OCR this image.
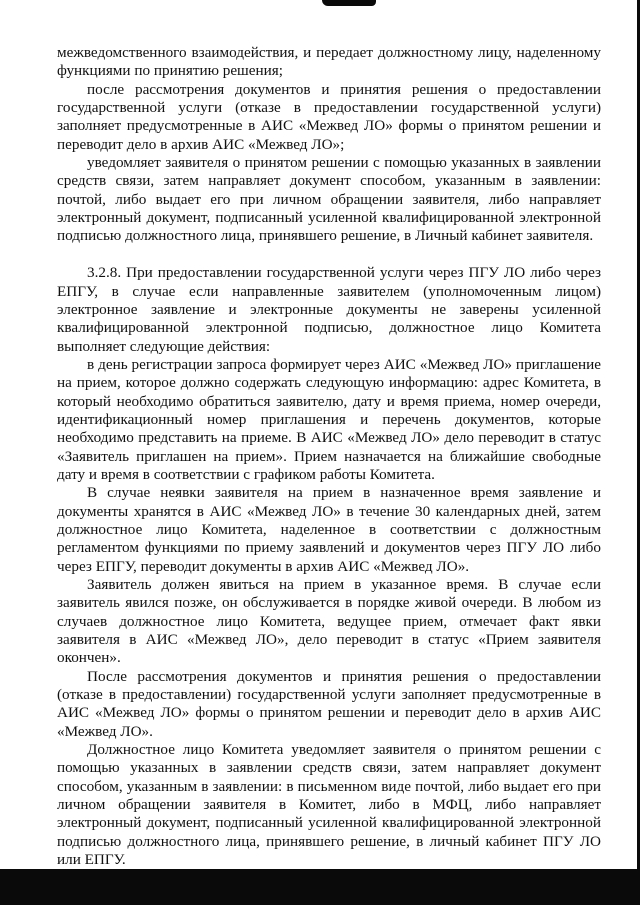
межведомственного взаимодействия, и передает должностному лицу, наделенному функциями по принятию решения;

после рассмотрения документов и принятия решения о предоставлении государственной услуги (отказе в предоставлении государственной услуги) заполняет предусмотренные в АИС «Межвед ЛО» формы о принятом решении и переводит дело в архив АИС «Межвед ЛО»;

уведомляет заявителя о принятом решении с помощью указанных в заявлении средств связи, затем направляет документ способом, указанным в заявлении: почтой, либо выдает его при личном обращении заявителя, либо направляет электронный документ, подписанный усиленной квалифицированной электронной подписью должностного лица, принявшего решение, в Личный кабинет заявителя.

3.2.8. При предоставлении государственной услуги через ПГУ ЛО либо через ЕПГУ, в случае если направленные заявителем (уполномоченным лицом) электронное заявление и электронные документы не заверены усиленной квалифицированной электронной подписью, должностное лицо Комитета выполняет следующие действия:

в день регистрации запроса формирует через АИС «Межвед ЛО» приглашение на прием, которое должно содержать следующую информацию: адрес Комитета, в который необходимо обратиться заявителю, дату и время приема, номер очереди, идентификационный номер приглашения и перечень документов, которые необходимо представить на приеме. В АИС «Межвед ЛО» дело переводит в статус «Заявитель приглашен на прием». Прием назначается на ближайшие свободные дату и время в соответствии с графиком работы Комитета.

В случае неявки заявителя на прием в назначенное время заявление и документы хранятся в АИС «Межвед ЛО» в течение 30 календарных дней, затем должностное лицо Комитета, наделенное в соответствии с должностным регламентом функциями по приему заявлений и документов через ПГУ ЛО либо через ЕПГУ, переводит документы в архив АИС «Межвед ЛО».

Заявитель должен явиться на прием в указанное время. В случае если заявитель явился позже, он обслуживается в порядке живой очереди. В любом из случаев должностное лицо Комитета, ведущее прием, отмечает факт явки заявителя в АИС «Межвед ЛО», дело переводит в статус «Прием заявителя окончен».

После рассмотрения документов и принятия решения о предоставлении (отказе в предоставлении) государственной услуги заполняет предусмотренные в АИС «Межвед ЛО» формы о принятом решении и переводит дело в архив АИС «Межвед ЛО».

Должностное лицо Комитета уведомляет заявителя о принятом решении с помощью указанных в заявлении средств связи, затем направляет документ способом, указанным в заявлении: в письменном виде почтой, либо выдает его при личном обращении заявителя в Комитет, либо в МФЦ, либо направляет электронный документ, подписанный усиленной квалифицированной электронной подписью должностного лица, принявшего решение, в личный кабинет ПГУ ЛО или ЕПГУ.
